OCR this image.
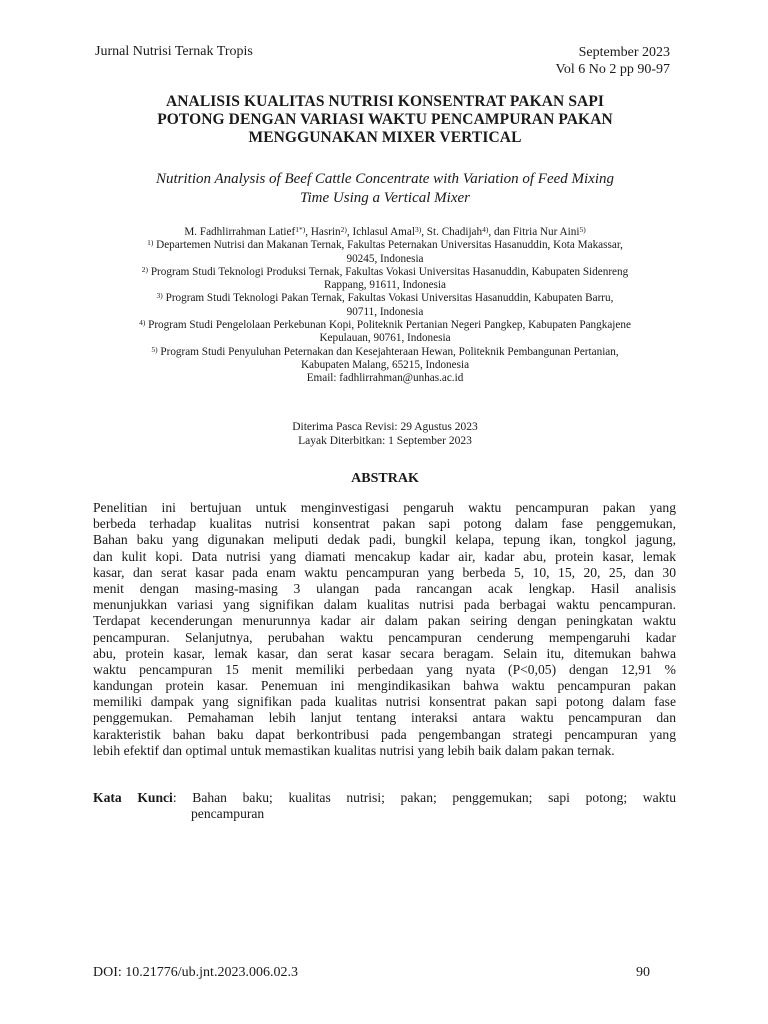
Jurnal Nutrisi Ternak Tropis	September 2023
Vol 6 No 2 pp 90-97
ANALISIS KUALITAS NUTRISI KONSENTRAT PAKAN SAPI
POTONG DENGAN VARIASI WAKTU PENCAMPURAN PAKAN
MENGGUNAKAN MIXER VERTICAL
Nutrition Analysis of Beef Cattle Concentrate with Variation of Feed Mixing
Time Using a Vertical Mixer
M. Fadhlirrahman Latief$^{1*)}$, Hasrin$^{2)}$, Ichlasul Amal$^{3)}$, St. Chadijah$^{4)}$, dan Fitria Nur Aini$^{5)}$
$^{1)}$ Departemen Nutrisi dan Makanan Ternak, Fakultas Peternakan Universitas Hasanuddin, Kota Makassar,
90245, Indonesia
$^{2)}$ Program Studi Teknologi Produksi Ternak, Fakultas Vokasi Universitas Hasanuddin, Kabupaten Sidenreng
Rappang, 91611, Indonesia
$^{3)}$ Program Studi Teknologi Pakan Ternak, Fakultas Vokasi Universitas Hasanuddin, Kabupaten Barru,
90711, Indonesia
$^{4)}$ Program Studi Pengelolaan Perkebunan Kopi, Politeknik Pertanian Negeri Pangkep, Kabupaten Pangkajene
Kepulauan, 90761, Indonesia
$^{5)}$ Program Studi Penyuluhan Peternakan dan Kesejahteraan Hewan, Politeknik Pembangunan Pertanian,
Kabupaten Malang, 65215, Indonesia
Email: fadhlirrahman@unhas.ac.id
Diterima Pasca Revisi: 29 Agustus 2023
Layak Diterbitkan: 1 September 2023
ABSTRAK
Penelitian ini bertujuan untuk menginvestigasi pengaruh waktu pencampuran pakan yang
berbeda terhadap kualitas nutrisi konsentrat pakan sapi potong dalam fase penggemukan,
Bahan baku yang digunakan meliputi dedak padi, bungkil kelapa, tepung ikan, tongkol jagung,
dan kulit kopi. Data nutrisi yang diamati mencakup kadar air, kadar abu, protein kasar, lemak
kasar, dan serat kasar pada enam waktu pencampuran yang berbeda 5, 10, 15, 20, 25, dan 30
menit dengan masing-masing 3 ulangan pada rancangan acak lengkap. Hasil analisis
menunjukkan variasi yang signifikan dalam kualitas nutrisi pada berbagai waktu pencampuran.
Terdapat kecenderungan menurunnya kadar air dalam pakan seiring dengan peningkatan waktu
pencampuran. Selanjutnya, perubahan waktu pencampuran cenderung mempengaruhi kadar
abu, protein kasar, lemak kasar, dan serat kasar secara beragam. Selain itu, ditemukan bahwa
waktu pencampuran 15 menit memiliki perbedaan yang nyata (P<0,05) dengan 12,91 %
kandungan protein kasar. Penemuan ini mengindikasikan bahwa waktu pencampuran pakan
memiliki dampak yang signifikan pada kualitas nutrisi konsentrat pakan sapi potong dalam fase
penggemukan. Pemahaman lebih lanjut tentang interaksi antara waktu pencampuran dan
karakteristik bahan baku dapat berkontribusi pada pengembangan strategi pencampuran yang
lebih efektif dan optimal untuk memastikan kualitas nutrisi yang lebih baik dalam pakan ternak.
Kata Kunci: Bahan baku; kualitas nutrisi; pakan; penggemukan; sapi potong; waktu
pencampuran
DOI: 10.21776/ub.jnt.2023.006.02.3	90
